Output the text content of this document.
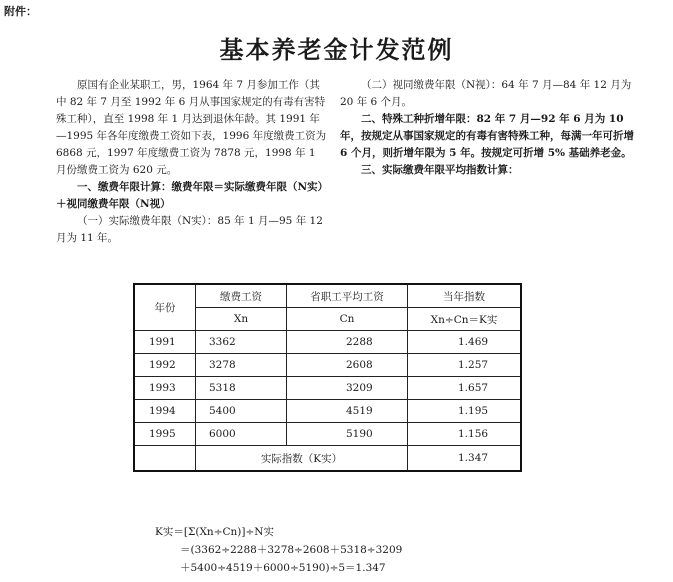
附件：
基本养老金计发范例

原国有企业某职工，男，1964 年 7 月参加工作（其中 82 年 7 月至 1992 年 6 月从事国家规定的有毒有害特殊工种），直至 1998 年 1 月达到退休年龄。其 1991 年—1995 年各年度缴费工资如下表，1996 年度缴费工资为 6868 元，1997 年度缴费工资为 7878 元，1998 年 1 月份缴费工资为 620 元。

一、缴费年限计算：缴费年限＝实际缴费年限（N实）＋视同缴费年限（N视）

（一）实际缴费年限（N实）：85 年 1 月—95 年 12 月为 11 年。

（二）视同缴费年限（N视）：64 年 7 月—84 年 12 月为 20 年 6 个月。

二、特殊工种折增年限：82 年 7 月—92 年 6 月为 10 年，按规定从事国家规定的有毒有害特殊工种，每满一年可折增 6 个月，则折增年限为 5 年。按规定可折增 5% 基础养老金。

三、实际缴费年限平均指数计算：

年份	缴费工资	省职工平均工资	当年指数
	Xn	Cn	Xn÷Cn＝K实
1991	3362	2288	1.469
1992	3278	2608	1.257
1993	5318	3209	1.657
1994	5400	4519	1.195
1995	6000	5190	1.156
	实际指数（K实）		1.347
K实＝[Σ(Xn÷Cn)]÷N实
＝(3362÷2288＋3278÷2608＋5318÷3209
＋5400÷4519＋6000÷5190)÷5＝1.347
